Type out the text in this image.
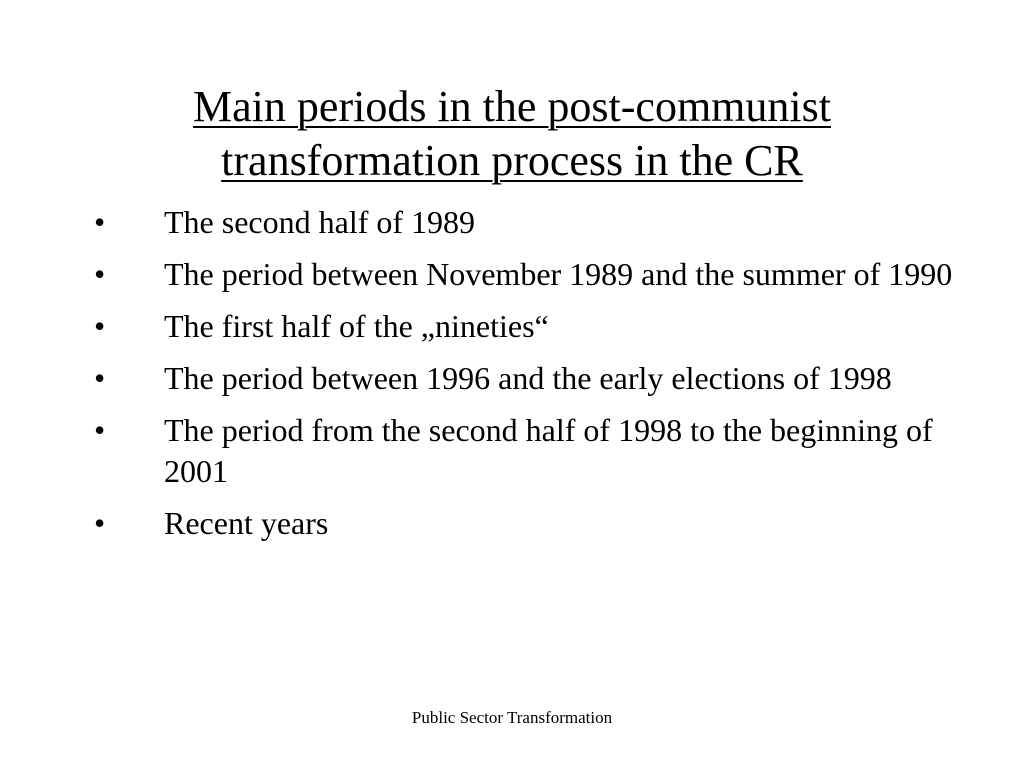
Main periods in the post-communist
transformation process in the CR
• The second half of 1989
• The period between November 1989 and the summer of 1990
• The first half of the „nineties“
• The period between 1996 and the early elections of 1998
• The period from the second half of 1998 to the beginning of 2001
• Recent years
Public Sector Transformation
